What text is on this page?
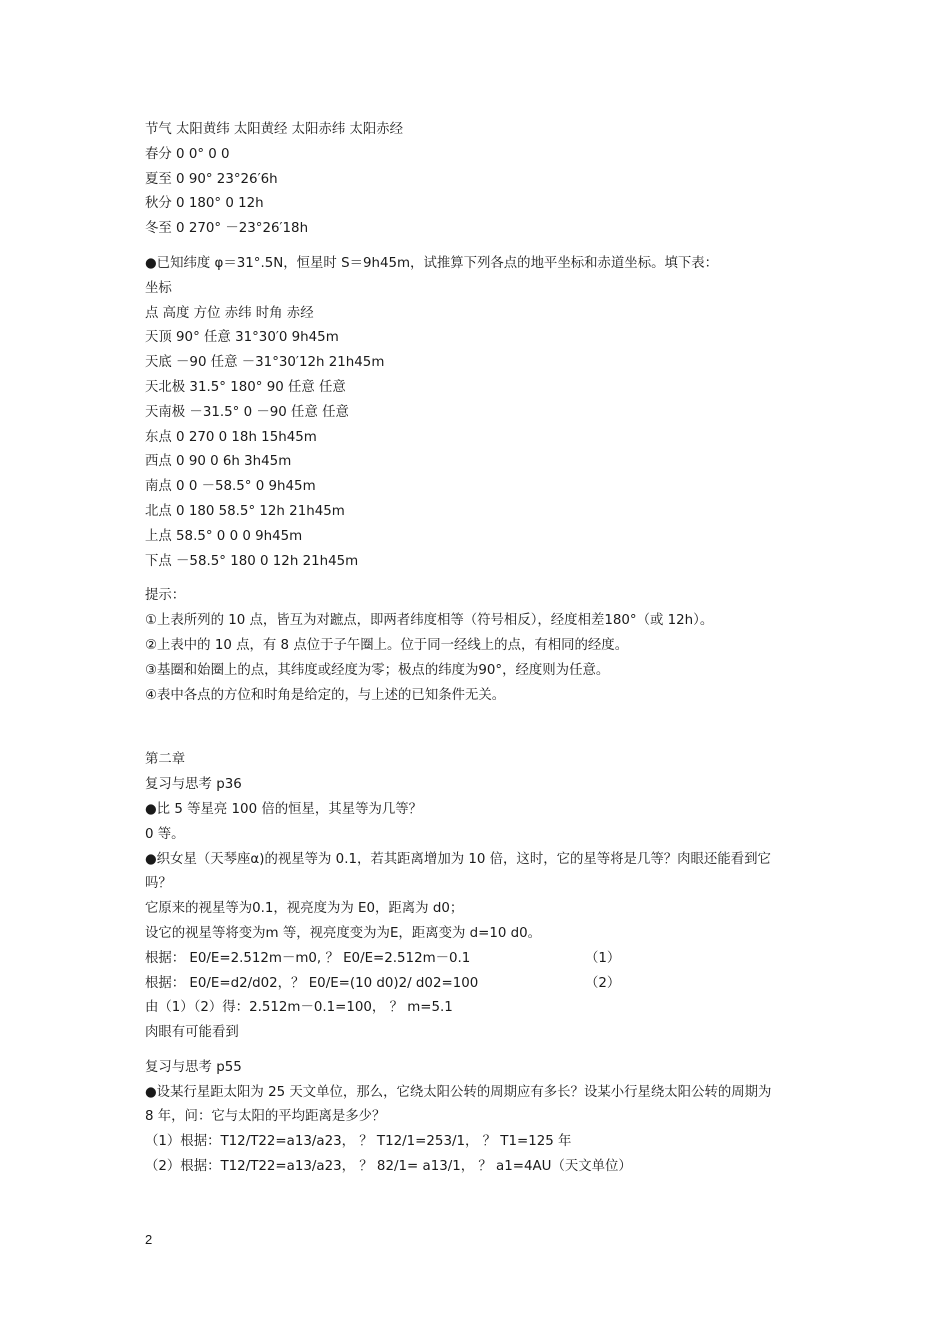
节气 太阳黄纬 太阳黄经 太阳赤纬 太阳赤经
春分 0 0° 0 0
夏至 0 90° 23°26′6h
秋分 0 180° 0 12h
冬至 0 270° －23°26′18h
●已知纬度 φ＝31°.5N，恒星时 S＝9h45m，试推算下列各点的地平坐标和赤道坐标。填下表：
坐标
点 高度 方位 赤纬 时角 赤经
天顶 90° 任意 31°30′0 9h45m
天底 －90 任意 －31°30′12h 21h45m
天北极 31.5° 180° 90 任意 任意
天南极 －31.5° 0 －90 任意 任意
东点 0 270 0 18h 15h45m
西点 0 90 0 6h 3h45m
南点 0 0 －58.5° 0 9h45m
北点 0 180 58.5° 12h 21h45m
上点 58.5° 0 0 0 9h45m
下点 －58.5° 180 0 12h 21h45m
提示：
①上表所列的 10 点，皆互为对蹠点，即两者纬度相等（符号相反），经度相差180°（或 12h）。
②上表中的 10 点，有 8 点位于子午圈上。位于同一经线上的点，有相同的经度。
③基圈和始圈上的点，其纬度或经度为零；极点的纬度为90°，经度则为任意。
④表中各点的方位和时角是给定的，与上述的已知条件无关。
第二章
复习与思考 p36
●比 5 等星亮 100 倍的恒星，其星等为几等？
0 等。
●织女星（天琴座α)的视星等为 0.1，若其距离增加为 10 倍，这时，它的星等将是几等？肉眼还能看到它
吗？
它原来的视星等为0.1，视亮度为为 E0，距离为 d0；
设它的视星等将变为m 等，视亮度变为为E，距离变为 d=10 d0。
根据： E0/E=2.512m－m0, ？ E0/E=2.512m－0.1	（1）
根据： E0/E=d2/d02，？ E0/E=(10 d0)2/ d02=100	（2）
由（1）（2）得：2.512m－0.1=100， ？ m=5.1
肉眼有可能看到
复习与思考 p55
●设某行星距太阳为 25 天文单位，那么，它绕太阳公转的周期应有多长？设某小行星绕太阳公转的周期为
8 年，问：它与太阳的平均距离是多少？
（1）根据：T12/T22=a13/a23， ？ T12/1=253/1， ？ T1=125 年
（2）根据：T12/T22=a13/a23， ？ 82/1= a13/1， ？ a1=4AU（天文单位）
2
